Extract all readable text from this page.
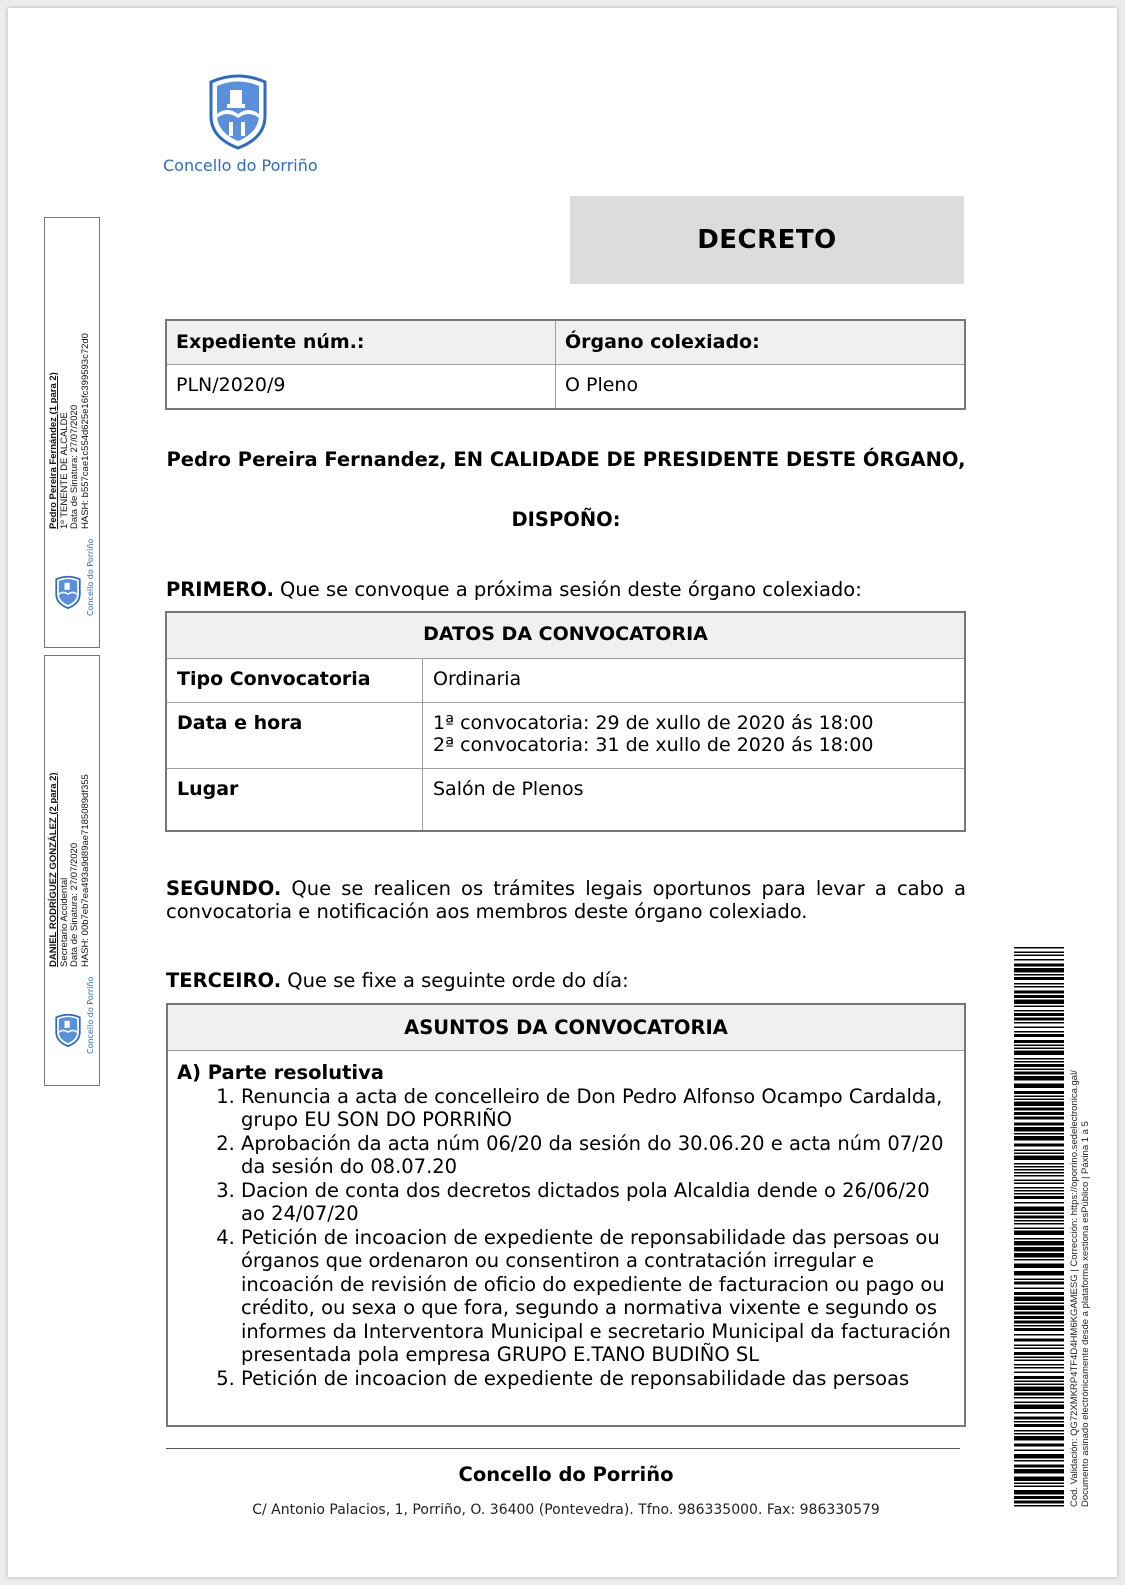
Concello do Porriño
DECRETO
Expediente núm.:	Órgano colexiado:
PLN/2020/9	O Pleno
Pedro Pereira Fernandez, EN CALIDADE DE PRESIDENTE DESTE ÓRGANO,
DISPOÑO:
PRIMERO. Que se convoque a próxima sesión deste órgano colexiado:
DATOS DA CONVOCATORIA	
Tipo Convocatoria	Ordinaria
Data e hora	1ª convocatoria: 29 de xullo de 2020 ás 18:00
2ª convocatoria: 31 de xullo de 2020 ás 18:00

Lugar	Salón de Plenos
SEGUNDO. Que se realicen os trámites legais oportunos para levar a cabo a convocatoria e notificación aos membros deste órgano colexiado.
TERCEIRO. Que se fixe a seguinte orde do día:
ASUNTOS DA CONVOCATORIA
A) Parte resolutiva
1. Renuncia a acta de concelleiro de Don Pedro Alfonso Ocampo Cardalda, grupo EU SON DO PORRIÑO
2. Aprobación da acta núm 06/20 da sesión do 30.06.20 e acta núm 07/20 da sesión do 08.07.20
3. Dacion de conta dos decretos dictados pola Alcaldia dende o 26/06/20 ao 24/07/20
4. Petición de incoacion de expediente de reponsabilidade das persoas ou órganos que ordenaron ou consentiron a contratación irregular e incoación de revisión de oficio do expediente de facturacion ou pago ou crédito, ou sexa o que fora, segundo a normativa vixente e segundo os informes da Interventora Municipal e secretario Municipal da facturación presentada pola empresa GRUPO E.TANO BUDIÑO SL
5. Petición de incoacion de expediente de reponsabilidade das persoas
Concello do Porriño
C/ Antonio Palacios, 1, Porriño, O. 36400 (Pontevedra). Tfno. 986335000. Fax: 986330579
Pedro Pereira Fernández (1 para 2) 1º TENENTE DE ALCALDE Data de Sinatura: 27/07/2020 HASH: b557cae1c554d625e16fc399593c72d0
Concello do Porriño
DANIEL RODRÍGUEZ GONZÁLEZ (2 para 2) Secretario Accidental Data de Sinatura: 27/07/2020 HASH: 00b7eb7ea493a9d89ae7185089df355
Concello do Porriño
Cod. Validación: QG72XMKRP4TF4D4HM6KGAMESG | Corrección: https://oporrino.sedelectronica.gal/ Documento asinado electrónicamente desde a plataforma xestiona esPúblico | Páxina 1 a 5
